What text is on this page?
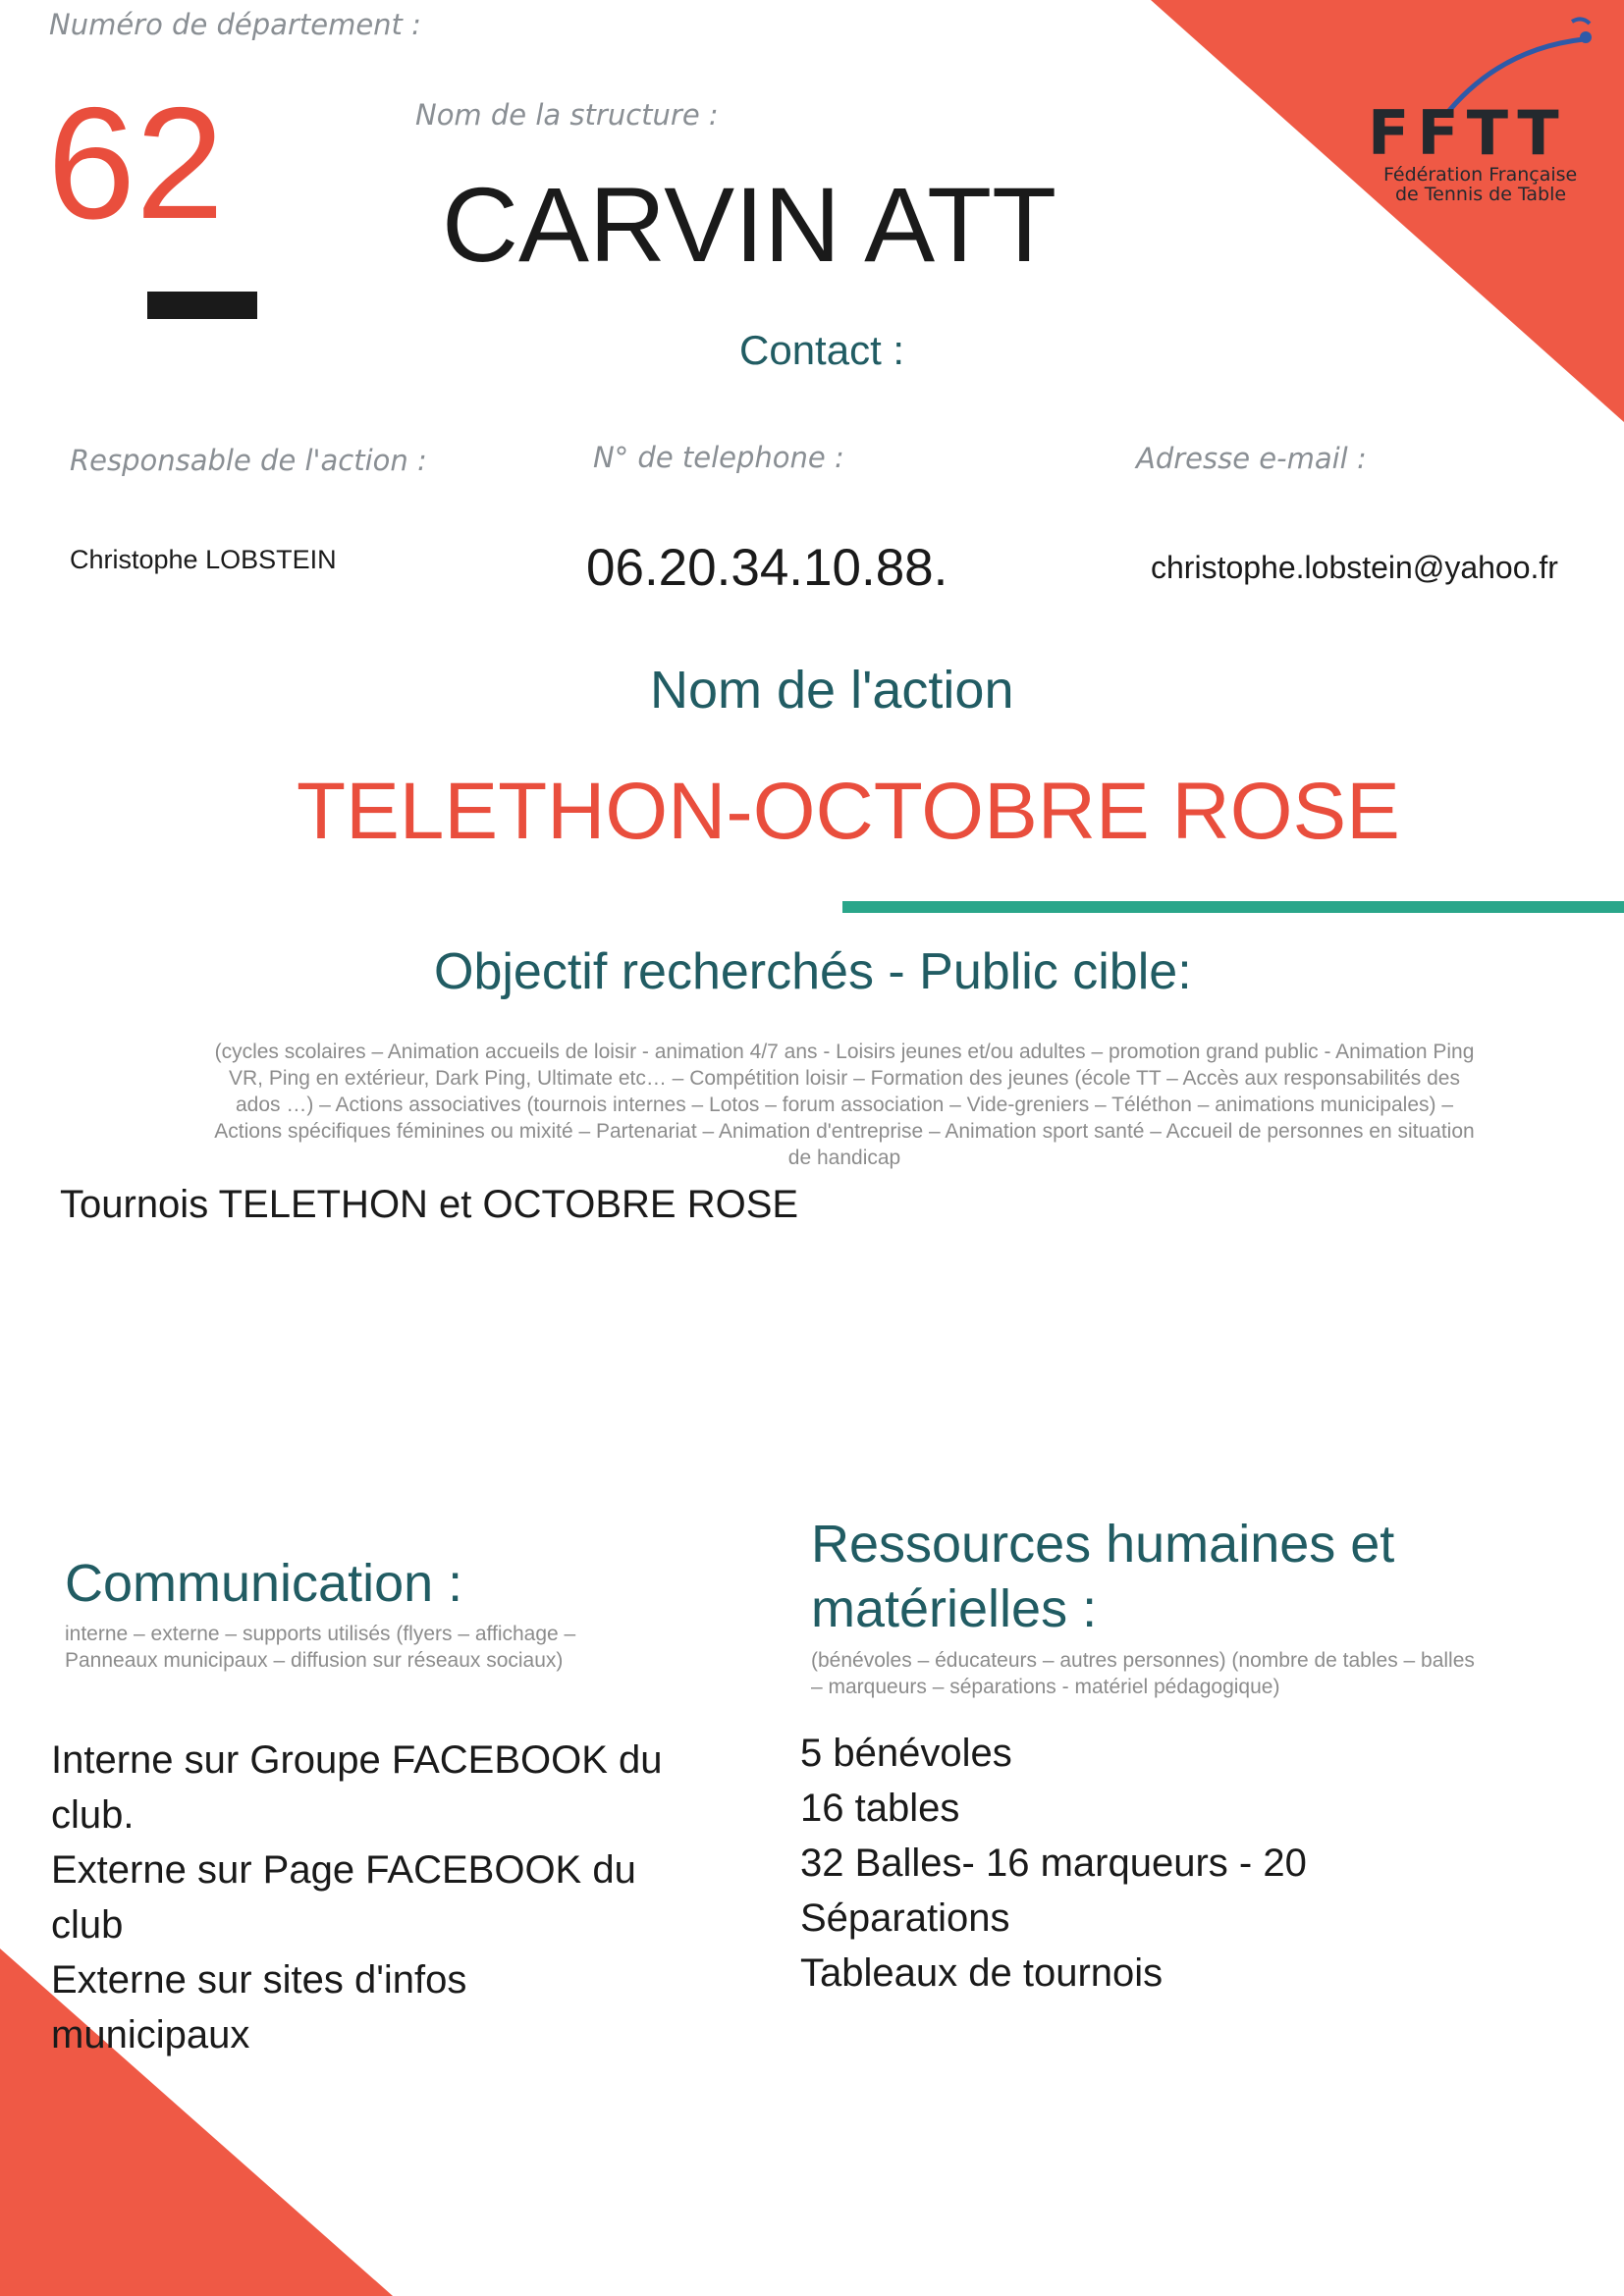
FFTT
Fédération Française
de Tennis de Table
Numéro de département :
62	Nom de la structure :
CARVIN ATT
Contact :
Responsable de l'action :	N° de telephone :	Adresse e-mail :
Christophe LOBSTEIN	06.20.34.10.88.	christophe.lobstein@yahoo.fr
Nom de l'action
TELETHON-OCTOBRE ROSE
Objectif recherchés - Public cible:
(cycles scolaires – Animation accueils de loisir - animation 4/7 ans - Loisirs jeunes et/ou adultes – promotion grand public - Animation Ping
VR, Ping en extérieur, Dark Ping, Ultimate etc… – Compétition loisir – Formation des jeunes (école TT – Accès aux responsabilités des
ados …) – Actions associatives (tournois internes – Lotos – forum association – Vide-greniers – Téléthon – animations municipales) –
Actions spécifiques féminines ou mixité – Partenariat – Animation d'entreprise – Animation sport santé – Accueil de personnes en situation
de handicap
Tournois TELETHON et OCTOBRE ROSE
Communication :
interne – externe – supports utilisés (flyers – affichage –
Panneaux municipaux – diffusion sur réseaux sociaux)
Interne sur Groupe FACEBOOK du
club.
Externe sur Page FACEBOOK du
club
Externe sur sites d'infos
municipaux
Ressources humaines et
matérielles :
(bénévoles – éducateurs – autres personnes) (nombre de tables – balles
– marqueurs – séparations - matériel pédagogique)
5 bénévoles
16 tables
32 Balles- 16 marqueurs - 20
Séparations
Tableaux de tournois
